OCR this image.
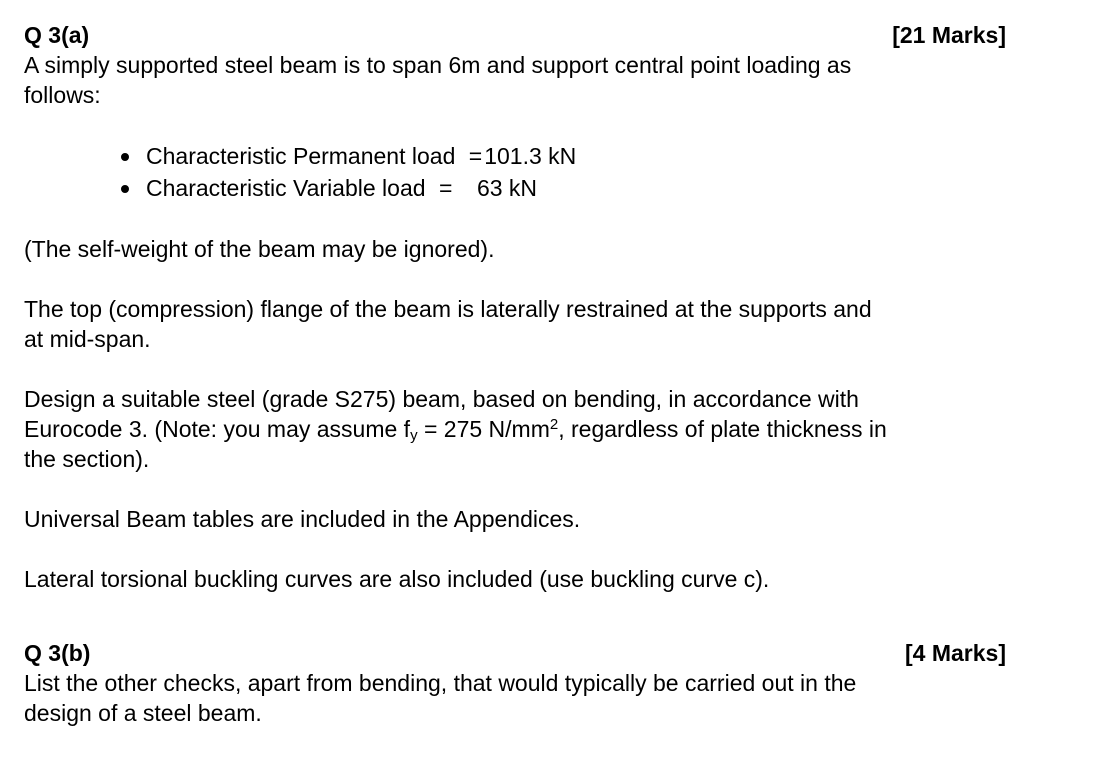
Q 3(a)	[21 Marks]

A simply supported steel beam is to span 6m and support central point loading as
follows:

Characteristic Permanent load =101.3 kN
Characteristic Variable load = 63 kN

(The self-weight of the beam may be ignored).

The top (compression) flange of the beam is laterally restrained at the supports and
at mid-span.

Design a suitable steel (grade S275) beam, based on bending, in accordance with
Eurocode 3. (Note: you may assume $f_y = 275$ $N/mm^2$, regardless of plate thickness in
the section).

Universal Beam tables are included in the Appendices.

Lateral torsional buckling curves are also included (use buckling curve c).

Q 3(b)	[4 Marks]

List the other checks, apart from bending, that would typically be carried out in the
design of a steel beam.
